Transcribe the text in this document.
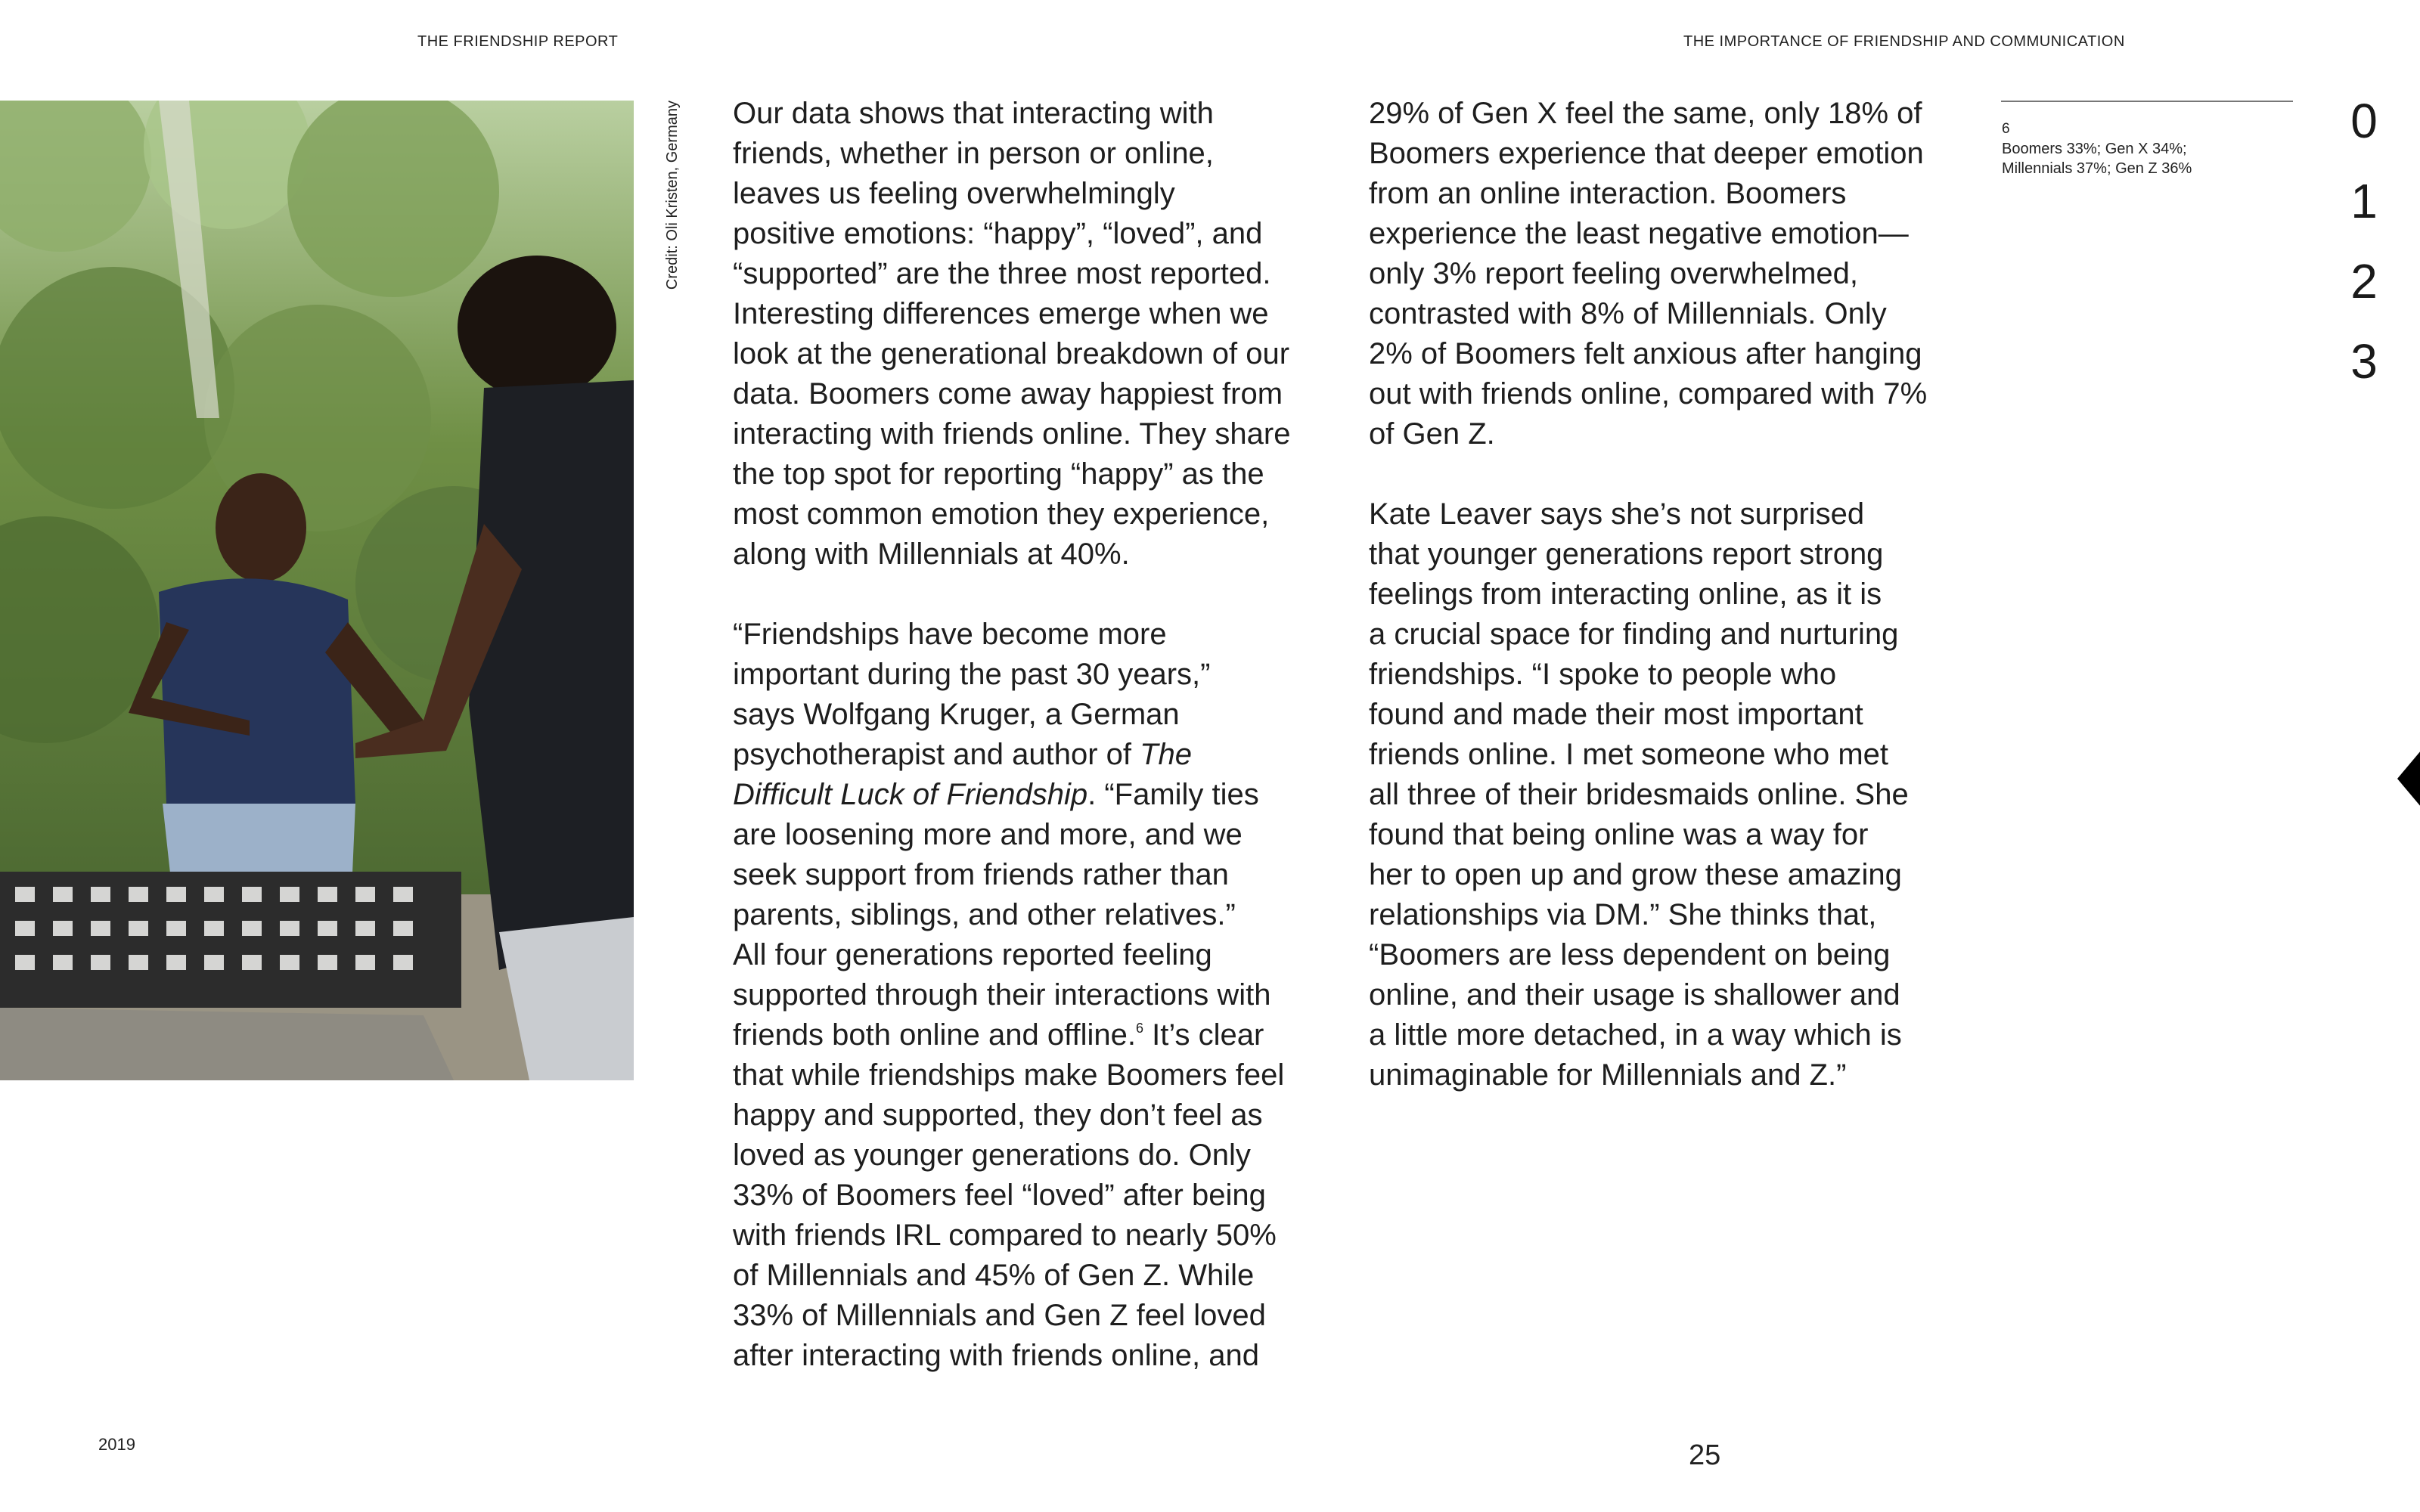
THE FRIENDSHIP REPORT	THE IMPORTANCE OF FRIENDSHIP AND COMMUNICATION
Credit: Oli Kristen, Germany Our data shows that interacting with
friends, whether in person or online,
leaves us feeling overwhelmingly
positive emotions: “happy”, “loved”, and
“supported” are the three most reported.
Interesting differences emerge when we
look at the generational breakdown of our
data. Boomers come away happiest from
interacting with friends online. They share
the top spot for reporting “happy” as the
most common emotion they experience,
along with Millennials at 40%.

“Friendships have become more
important during the past 30 years,”
says Wolfgang Kruger, a German
psychotherapist and author of The
Difficult Luck of Friendship. “Family ties
are loosening more and more, and we
seek support from friends rather than
parents, siblings, and other relatives.”
All four generations reported feeling
supported through their interactions with
friends both online and offline.$^6$ It’s clear
that while friendships make Boomers feel
happy and supported, they don’t feel as
loved as younger generations do. Only
33% of Boomers feel “loved” after being
with friends IRL compared to nearly 50%
of Millennials and 45% of Gen Z. While
33% of Millennials and Gen Z feel loved
after interacting with friends online, and

29% of Gen X feel the same, only 18% of
Boomers experience that deeper emotion
from an online interaction. Boomers
experience the least negative emotion—
only 3% report feeling overwhelmed,
contrasted with 8% of Millennials. Only
2% of Boomers felt anxious after hanging
out with friends online, compared with 7%
of Gen Z.

Kate Leaver says she’s not surprised
that younger generations report strong
feelings from interacting online, as it is
a crucial space for finding and nurturing
friendships. “I spoke to people who
found and made their most important
friends online. I met someone who met
all three of their bridesmaids online. She
found that being online was a way for
her to open up and grow these amazing
relationships via DM.” She thinks that,
“Boomers are less dependent on being
online, and their usage is shallower and
a little more detached, in a way which is
unimaginable for Millennials and Z.”

6
Boomers 33%; Gen X 34%; Millennials 37%; Gen Z 36%
0
1
2
3
2019	25
